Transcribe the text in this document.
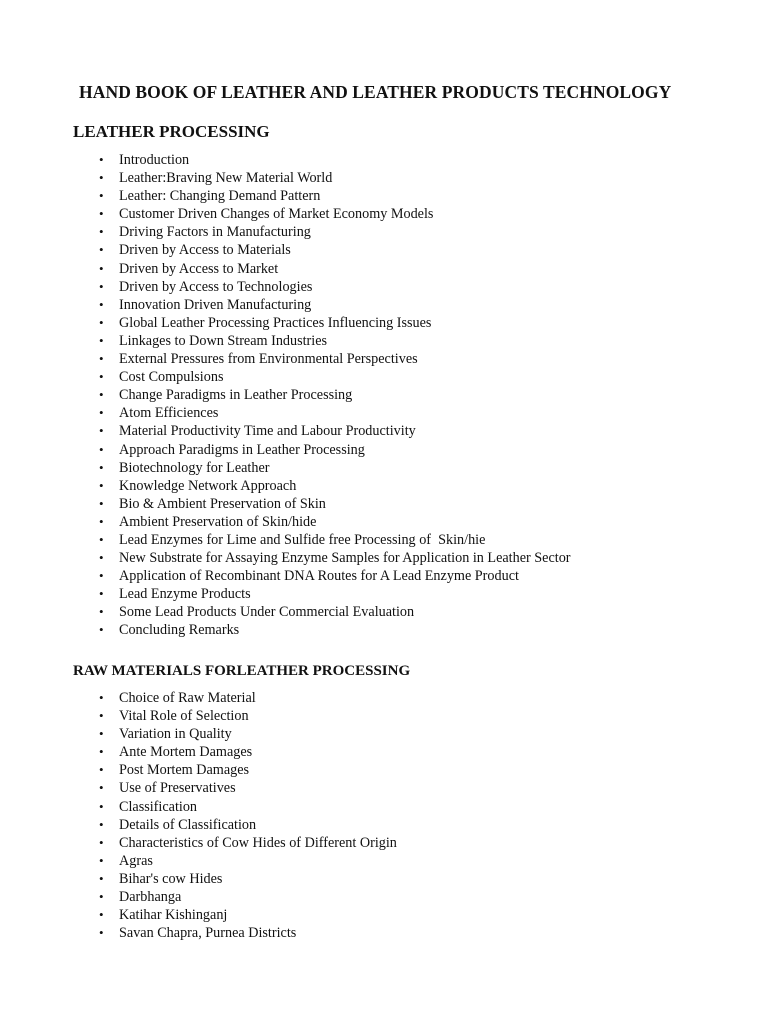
HAND BOOK OF LEATHER AND LEATHER PRODUCTS TECHNOLOGY
LEATHER PROCESSING
• Introduction
• Leather:Braving New Material World
• Leather: Changing Demand Pattern
• Customer Driven Changes of Market Economy Models
• Driving Factors in Manufacturing
• Driven by Access to Materials
• Driven by Access to Market
• Driven by Access to Technologies
• Innovation Driven Manufacturing
• Global Leather Processing Practices Influencing Issues
• Linkages to Down Stream Industries
• External Pressures from Environmental Perspectives
• Cost Compulsions
• Change Paradigms in Leather Processing
• Atom Efficiences
• Material Productivity Time and Labour Productivity
• Approach Paradigms in Leather Processing
• Biotechnology for Leather
• Knowledge Network Approach
• Bio & Ambient Preservation of Skin
• Ambient Preservation of Skin/hide
• Lead Enzymes for Lime and Sulfide free Processing of  Skin/hie
• New Substrate for Assaying Enzyme Samples for Application in Leather Sector
• Application of Recombinant DNA Routes for A Lead Enzyme Product
• Lead Enzyme Products
• Some Lead Products Under Commercial Evaluation
• Concluding Remarks
RAW MATERIALS FORLEATHER PROCESSING
• Choice of Raw Material
• Vital Role of Selection
• Variation in Quality
• Ante Mortem Damages
• Post Mortem Damages
• Use of Preservatives
• Classification
• Details of Classification
• Characteristics of Cow Hides of Different Origin
• Agras
• Bihar's cow Hides
• Darbhanga
• Katihar Kishinganj
• Savan Chapra, Purnea Districts
